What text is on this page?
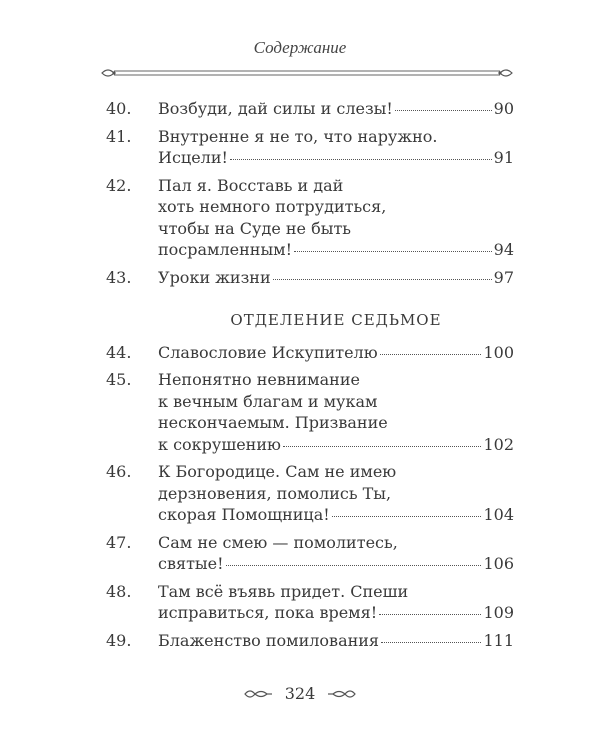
Содержание
40.	Возбуди, дай силы и слезы!	90
41.	Внутренне я не то, что наружно.
Исцели!	91
42.	Пал я. Восставь и дай
хоть немного потрудиться,
чтобы на Суде не быть
посрамленным!	94
43.	Уроки жизни	97
ОТДЕЛЕНИЕ СЕДЬМОЕ
44.	Славословие Искупителю	100
45.	Непонятно невнимание
к вечным благам и мукам
нескончаемым. Призвание
к сокрушению	102
46.	К Богородице. Сам не имею
дерзновения, помолись Ты,
скорая Помощница!	104
47.	Сам не смею — помолитесь,
святые!	106
48.	Там всё въявь придет. Спеши
исправиться, пока время!	109
49.	Блаженство помилования	111
324
